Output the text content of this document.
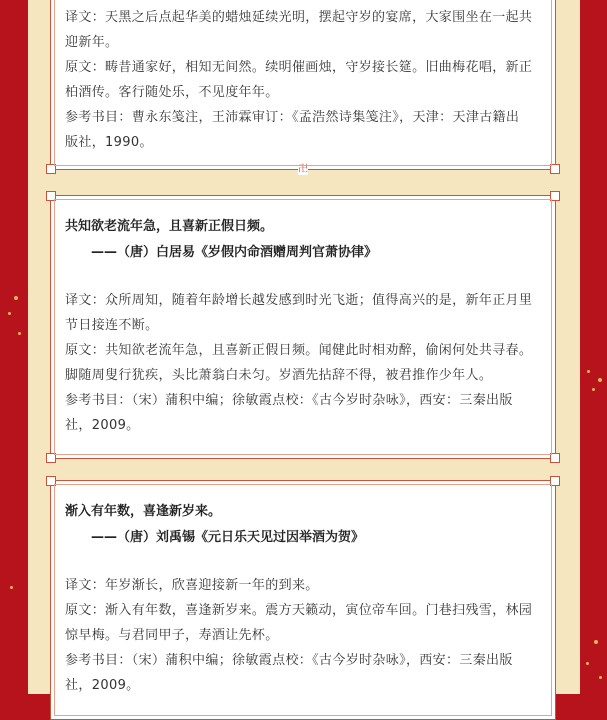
卍
译文：天黑之后点起华美的蜡烛延续光明，摆起守岁的宴席，大家围坐在一起共
迎新年。
原文：畴昔通家好，相知无间然。续明催画烛，守岁接长筵。旧曲梅花唱，新正
柏酒传。客行随处乐，不见度年年。
参考书目：曹永东笺注，王沛霖审订：《孟浩然诗集笺注》，天津：天津古籍出
版社，1990。
共知欲老流年急，且喜新正假日频。
——（唐）白居易《岁假内命酒赠周判官萧协律》
译文：众所周知，随着年龄增长越发感到时光飞逝；值得高兴的是，新年正月里
节日接连不断。
原文：共知欲老流年急，且喜新正假日频。闻健此时相劝醉，偷闲何处共寻春。
脚随周叟行犹疾，头比萧翁白未匀。岁酒先拈辞不得，被君推作少年人。
参考书目：（宋）蒲积中编；徐敏霞点校：《古今岁时杂咏》，西安：三秦出版
社，2009。
渐入有年数，喜逢新岁来。
——（唐）刘禹锡《元日乐天见过因举酒为贺》
译文：年岁渐长，欣喜迎接新一年的到来。
原文：渐入有年数，喜逢新岁来。震方天籁动，寅位帝车回。门巷扫残雪，林园
惊早梅。与君同甲子，寿酒让先杯。
参考书目：（宋）蒲积中编；徐敏霞点校：《古今岁时杂咏》，西安：三秦出版
社，2009。
